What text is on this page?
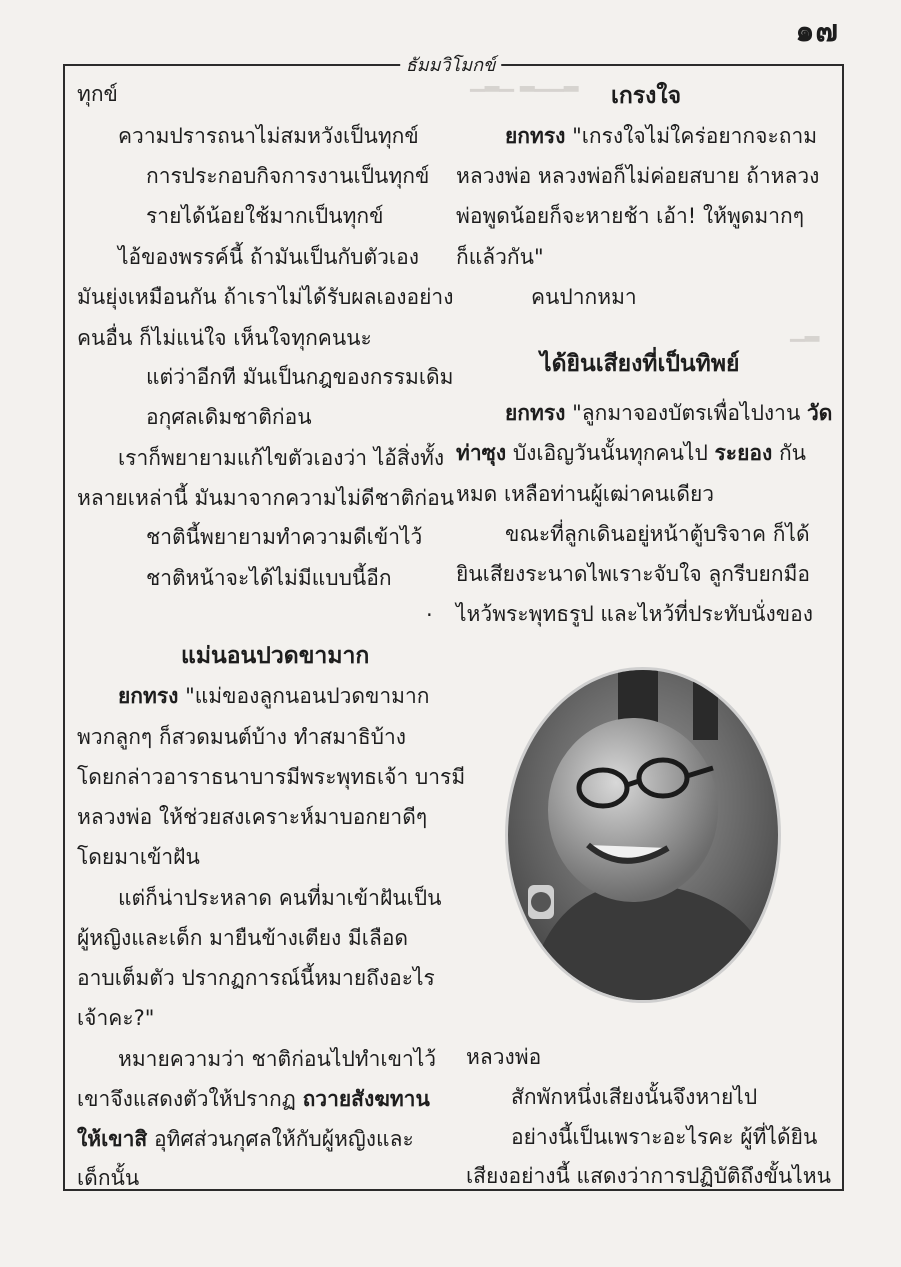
๑๗
ธัมมวิโมกข์
▁▂▁ ▂▁▁▂
▁▂
ทุกข์
ความปรารถนาไม่สมหวังเป็นทุกข์
การประกอบกิจการงานเป็นทุกข์
รายได้น้อยใช้มากเป็นทุกข์
ไอ้ของพรรค์นี้ ถ้ามันเป็นกับตัวเอง
มันยุ่งเหมือนกัน ถ้าเราไม่ได้รับผลเองอย่าง
คนอื่น ก็ไม่แน่ใจ เห็นใจทุกคนนะ
แต่ว่าอีกที มันเป็นกฎของกรรมเดิม
อกุศลเดิมชาติก่อน
เราก็พยายามแก้ไขตัวเองว่า ไอ้สิ่งทั้ง
หลายเหล่านี้ มันมาจากความไม่ดีชาติก่อน
ชาตินี้พยายามทำความดีเข้าไว้
ชาติหน้าจะได้ไม่มีแบบนี้อีก
.
แม่นอนปวดขามาก
ยกทรง "แม่ของลูกนอนปวดขามาก
พวกลูกๆ ก็สวดมนต์บ้าง ทำสมาธิบ้าง
โดยกล่าวอาราธนาบารมีพระพุทธเจ้า บารมี
หลวงพ่อ ให้ช่วยสงเคราะห์มาบอกยาดีๆ
โดยมาเข้าฝัน
แต่ก็น่าประหลาด คนที่มาเข้าฝันเป็น
ผู้หญิงและเด็ก มายืนข้างเตียง มีเลือด
อาบเต็มตัว ปรากฏการณ์นี้หมายถึงอะไร
เจ้าคะ?"
หมายความว่า ชาติก่อนไปทำเขาไว้
เขาจึงแสดงตัวให้ปรากฏ ถวายสังฆทาน
ให้เขาสิ อุทิศส่วนกุศลให้กับผู้หญิงและ
เด็กนั้น
เกรงใจ
ยกทรง "เกรงใจไม่ใคร่อยากจะถาม
หลวงพ่อ หลวงพ่อก็ไม่ค่อยสบาย ถ้าหลวง
พ่อพูดน้อยก็จะหายช้า เอ้า! ให้พูดมากๆ
ก็แล้วกัน"
คนปากหมา
ได้ยินเสียงที่เป็นทิพย์
ยกทรง "ลูกมาจองบัตรเพื่อไปงาน วัด
ท่าซุง บังเอิญวันนั้นทุกคนไป ระยอง กัน
หมด เหลือท่านผู้เฒ่าคนเดียว
ขณะที่ลูกเดินอยู่หน้าตู้บริจาค ก็ได้
ยินเสียงระนาดไพเราะจับใจ ลูกรีบยกมือ
ไหว้พระพุทธรูป และไหว้ที่ประทับนั่งของ
หลวงพ่อ
สักพักหนึ่งเสียงนั้นจึงหายไป
อย่างนี้เป็นเพราะอะไรคะ ผู้ที่ได้ยิน
เสียงอย่างนี้ แสดงว่าการปฏิบัติถึงขั้นไหน
